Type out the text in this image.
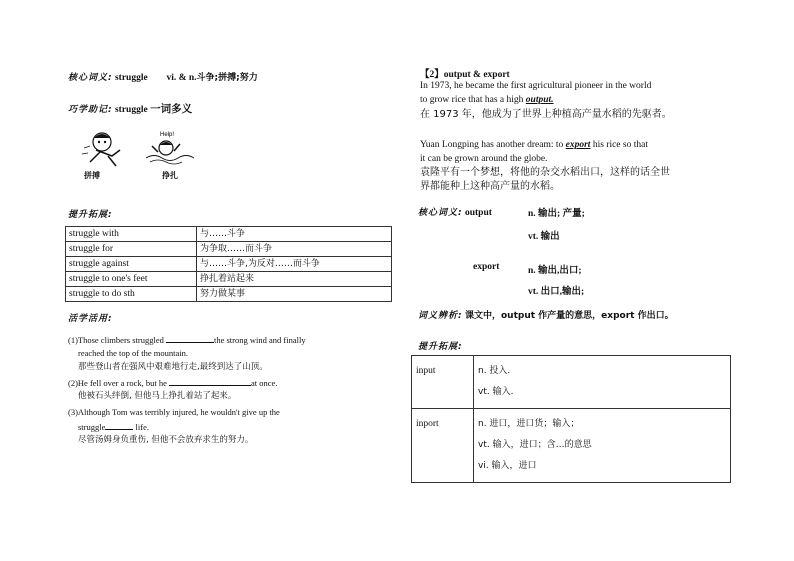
核心词义: struggle vi. & n.斗争;拼搏;努力
巧学助记: struggle 一词多义
Help!
拼搏	挣扎
提升拓展:
struggle with	与……斗争
struggle for	为争取……而斗争
struggle against	与……斗争,为反对……而斗争
struggle to one's feet	挣扎着站起来
struggle to do sth	努力做某事
活学活用:
(1)Those climbers struggled	the strong wind and finally
reached the top of the mountain.
那些登山者在强风中艰难地行走,最终到达了山顶。
(2)He fell over a rock, but he	at once.
他被石头绊倒, 但他马上挣扎着站了起来。
(3)Although Tom was terribly injured, he wouldn't give up the
struggle	life.
尽管汤姆身负重伤, 但他不会放弃求生的努力。
【2】output & export
In 1973, he became the first agricultural pioneer in the world
to grow rice that has a high output.
在 1973 年，他成为了世界上种植高产量水稻的先驱者。
Yuan Longping has another dream: to export his rice so that
it can be grown around the globe.
袁隆平有一个梦想，将他的杂交水稻出口，这样的话全世
界都能种上这种高产量的水稻。
核心词义: output	n. 输出; 产量;
vt. 输出
export	n. 输出,出口;
vt. 出口,输出;
词义辨析: 课文中，output 作产量的意思，export 作出口。
提升拓展:
input	n. 投入.
vt. 输入.

inport	n. 进口，进口货；输入；
vt. 输入，进口；含…的意思
vi. 输入，进口
